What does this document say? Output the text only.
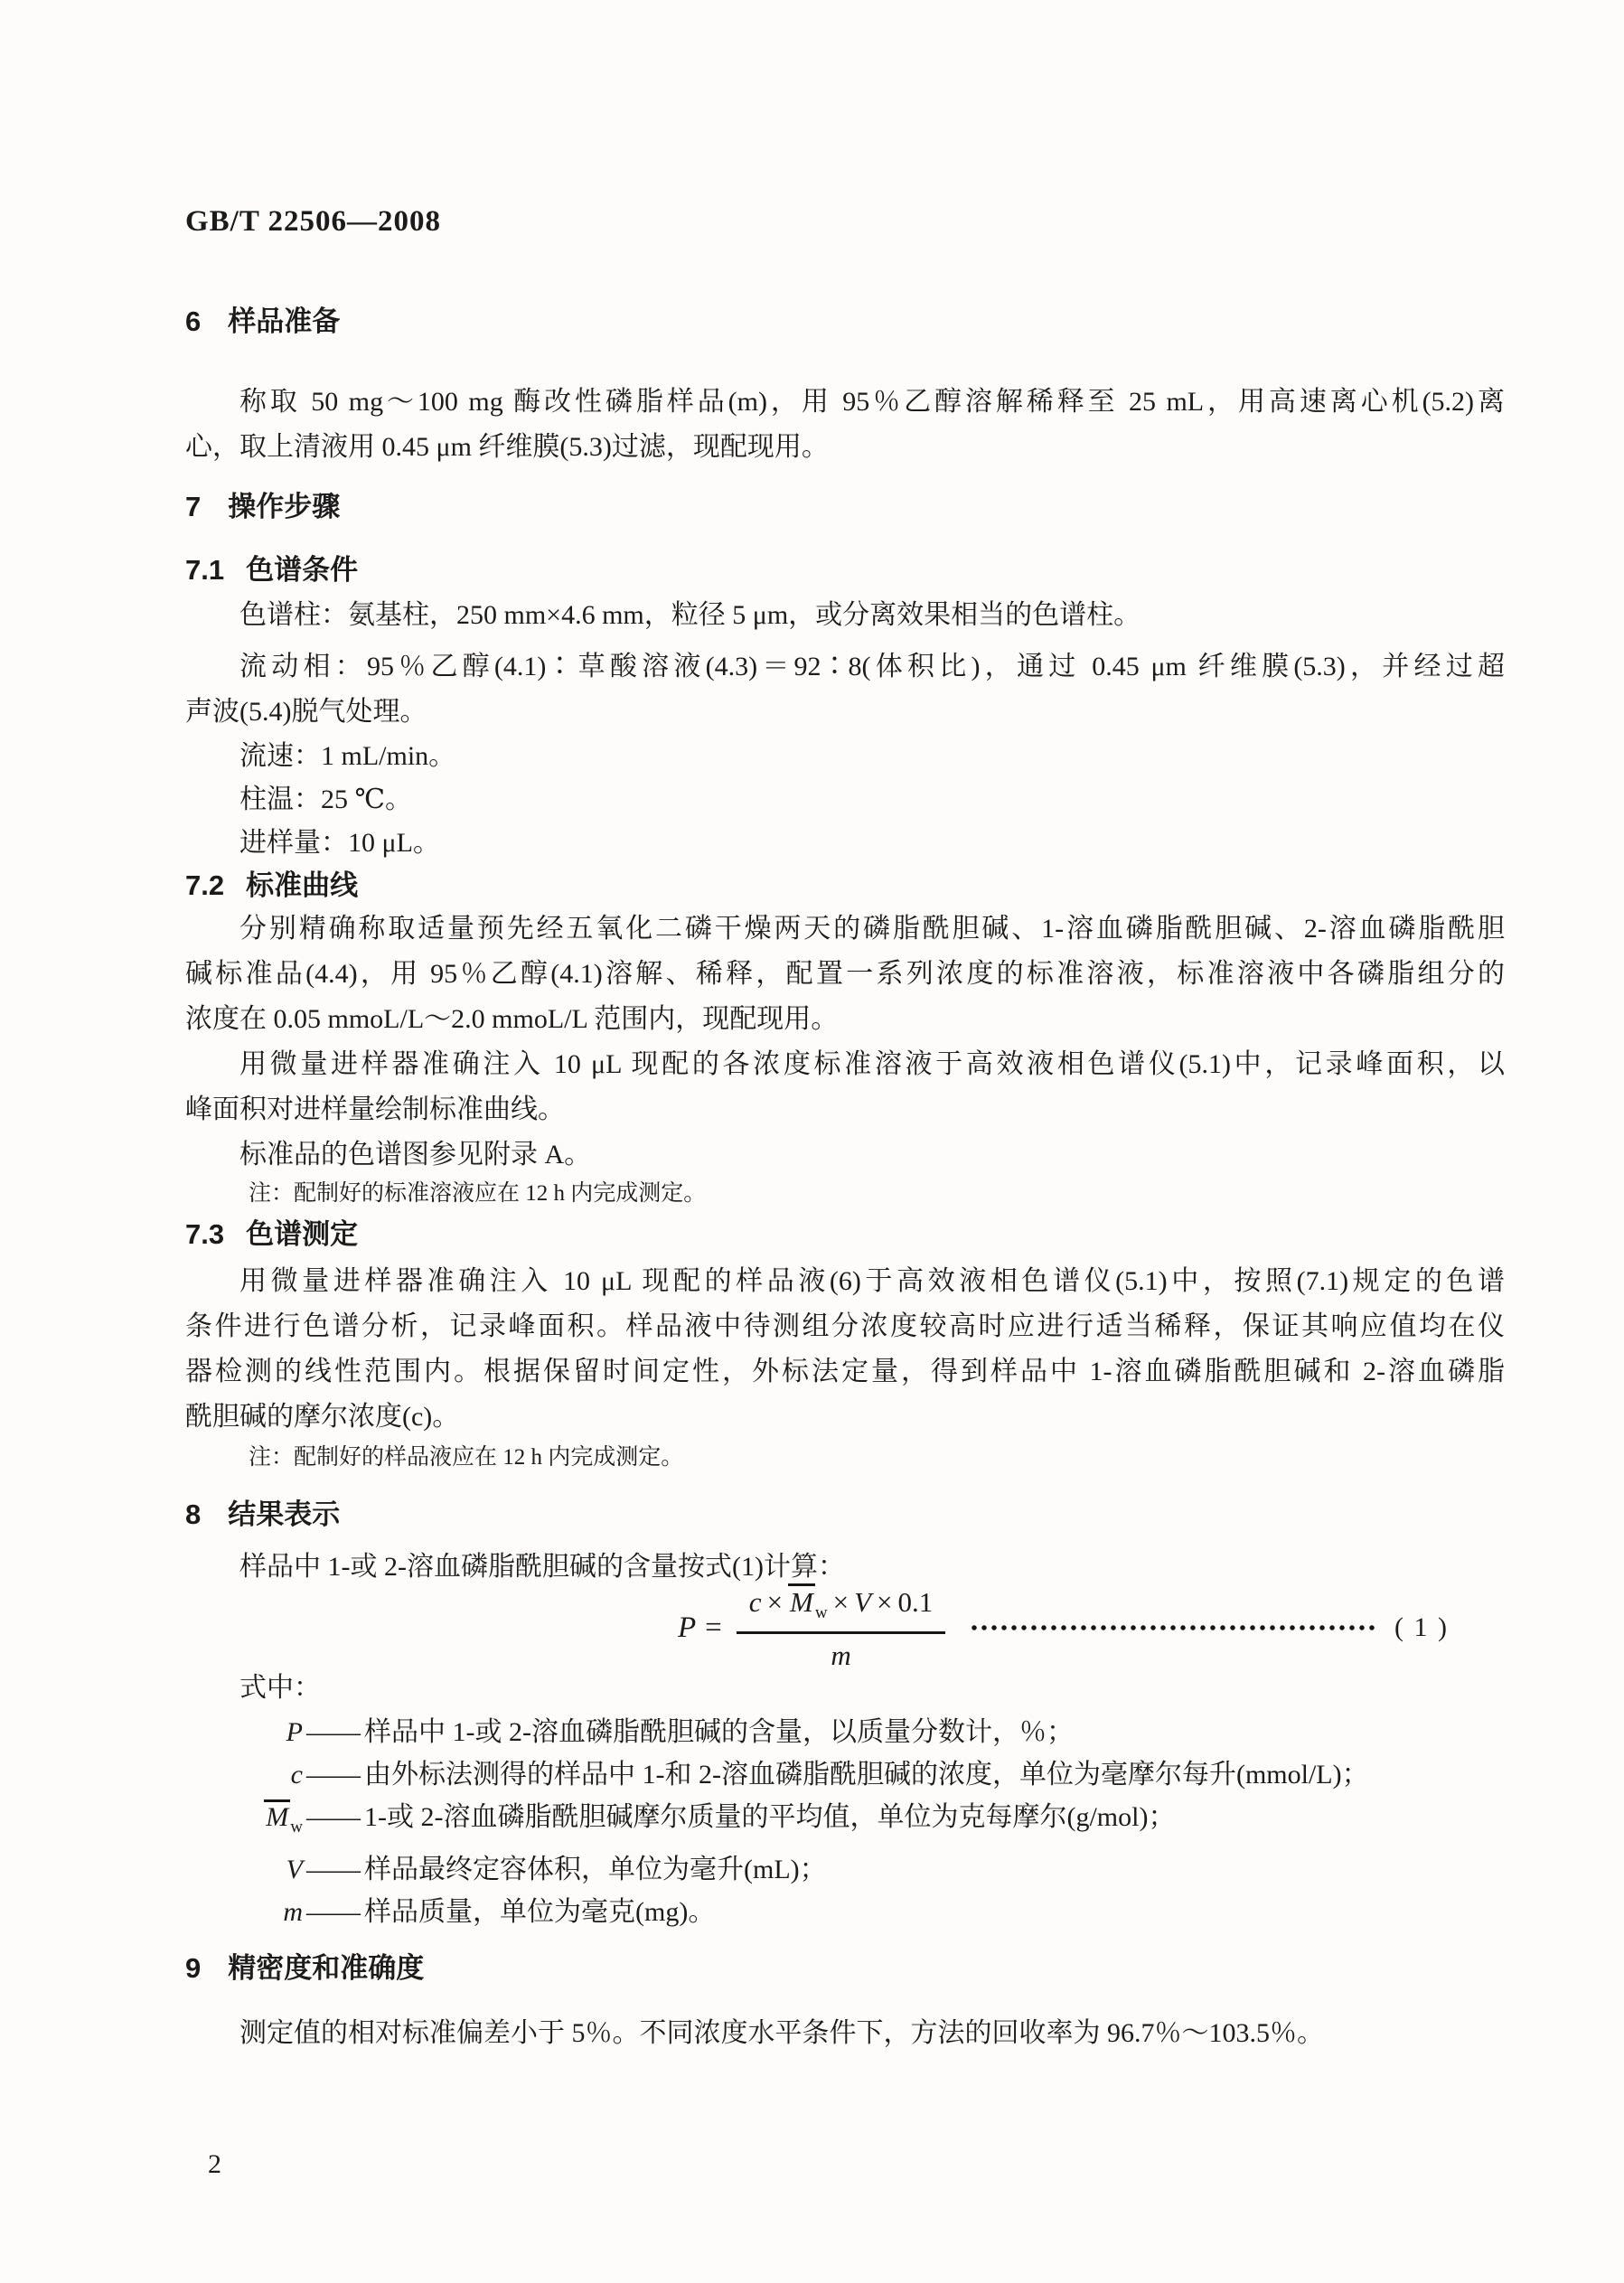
GB/T 22506—2008
6 样品准备
称取 50 mg～100 mg 酶改性磷脂样品(m)，用 95％乙醇溶解稀释至 25 mL，用高速离心机(5.2)离
心，取上清液用 0.45 μm 纤维膜(5.3)过滤，现配现用。
7 操作步骤
7.1 色谱条件
色谱柱：氨基柱，250 mm×4.6 mm，粒径 5 μm，或分离效果相当的色谱柱。
流动相：95％乙醇(4.1)∶草酸溶液(4.3)＝92∶8(体积比)，通过 0.45 μm 纤维膜(5.3)，并经过超
声波(5.4)脱气处理。
流速：1 mL/min。
柱温：25 ℃。
进样量：10 μL。
7.2 标准曲线
分别精确称取适量预先经五氧化二磷干燥两天的磷脂酰胆碱、1-溶血磷脂酰胆碱、2-溶血磷脂酰胆
碱标准品(4.4)，用 95％乙醇(4.1)溶解、稀释，配置一系列浓度的标准溶液，标准溶液中各磷脂组分的
浓度在 0.05 mmoL/L～2.0 mmoL/L 范围内，现配现用。
用微量进样器准确注入 10 μL 现配的各浓度标准溶液于高效液相色谱仪(5.1)中，记录峰面积，以
峰面积对进样量绘制标准曲线。
标准品的色谱图参见附录 A。
注：配制好的标准溶液应在 12 h 内完成测定。
7.3 色谱测定
用微量进样器准确注入 10 μL 现配的样品液(6)于高效液相色谱仪(5.1)中，按照(7.1)规定的色谱
条件进行色谱分析，记录峰面积。样品液中待测组分浓度较高时应进行适当稀释，保证其响应值均在仪
器检测的线性范围内。根据保留时间定性，外标法定量，得到样品中 1-溶血磷脂酰胆碱和 2-溶血磷脂
酰胆碱的摩尔浓度(c)。
注：配制好的样品液应在 12 h 内完成测定。
8 结果表示
样品中 1-或 2-溶血磷脂酰胆碱的含量按式(1)计算：
$P = \frac{c \times M _w \times V \times 0.1}{m}$	( 1 )
式中：
P —— 样品中 1-或 2-溶血磷脂酰胆碱的含量，以质量分数计，％；
c —— 由外标法测得的样品中 1-和 2-溶血磷脂酰胆碱的浓度，单位为毫摩尔每升(mmol/L)；
M $_w$ —— 1-或 2-溶血磷脂酰胆碱摩尔质量的平均值，单位为克每摩尔(g/mol)；
V —— 样品最终定容体积，单位为毫升(mL)；
m —— 样品质量，单位为毫克(mg)。
9 精密度和准确度
测定值的相对标准偏差小于 5％。不同浓度水平条件下，方法的回收率为 96.7％～103.5％。
2
